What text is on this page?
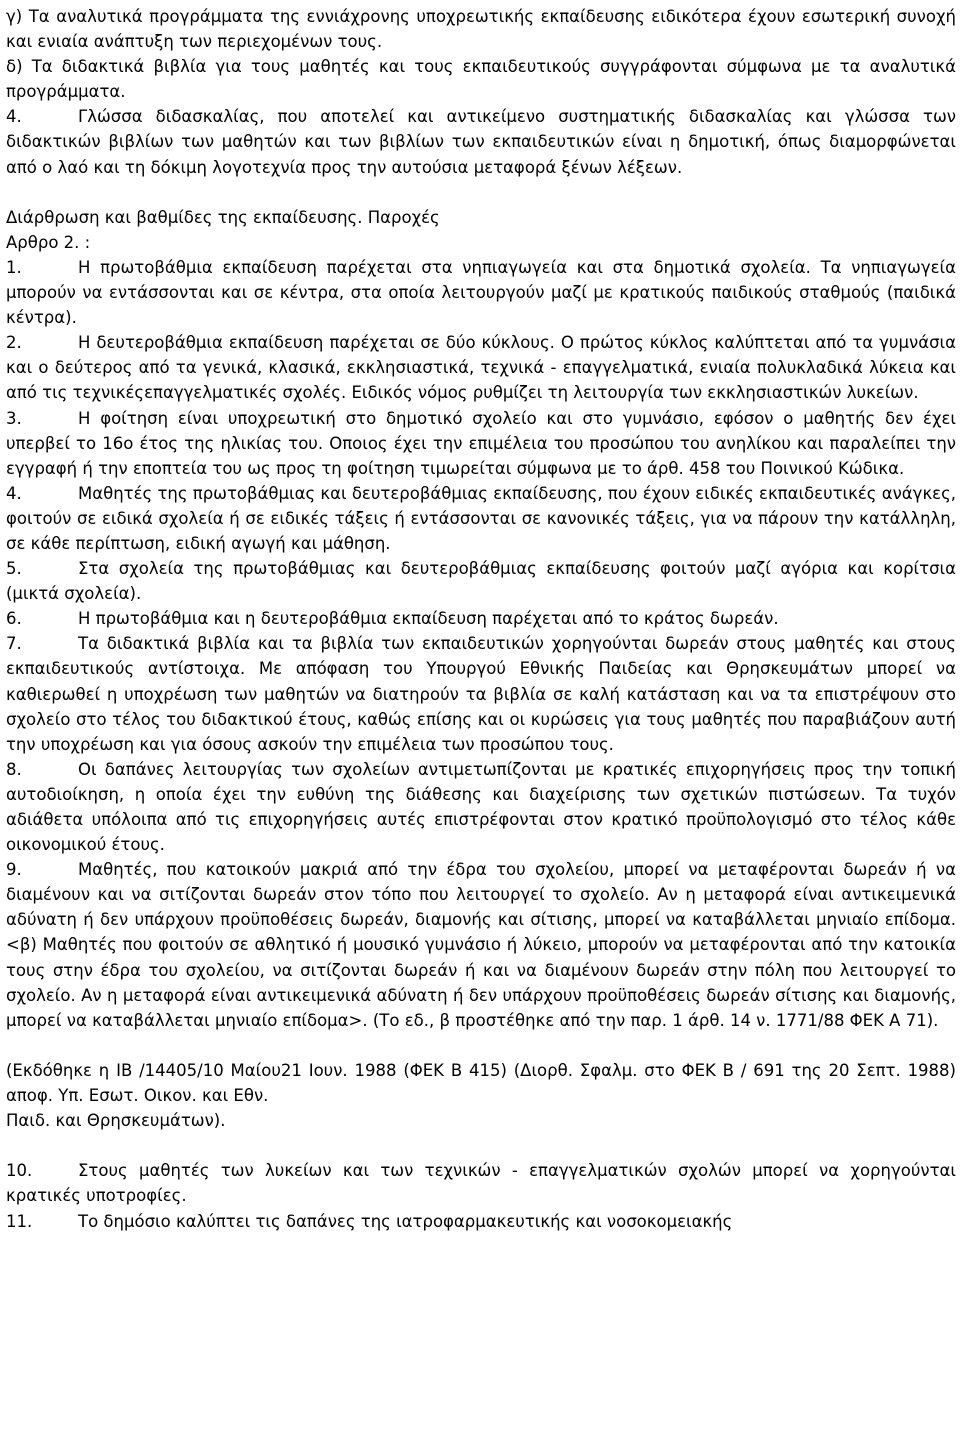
γ) Τα αναλυτικά προγράμματα της εννιάχρονης υποχρεωτικής εκπαίδευσης ειδικότερα έχουν εσωτερική συνοχή και ενιαία ανάπτυξη των περιεχομένων τους.

δ) Τα διδακτικά βιβλία για τους μαθητές και τους εκπαιδευτικούς συγγράφονται σύμφωνα με τα αναλυτικά προγράμματα.

4.	Γλώσσα διδασκαλίας, που αποτελεί και αντικείμενο συστηματικής διδασκαλίας και γλώσσα των διδακτικών βιβλίων των μαθητών και των βιβλίων των εκπαιδευτικών είναι η δημοτική, όπως διαμορφώνεται από ο λαό και τη δόκιμη λογοτεχνία προς την αυτούσια μεταφορά ξένων λέξεων.

Διάρθρωση και βαθμίδες της εκπαίδευσης. Παροχές

Αρθρο 2. :

1.	Η πρωτοβάθμια εκπαίδευση παρέχεται στα νηπιαγωγεία και στα δημοτικά σχολεία. Τα νηπιαγωγεία μπορούν να εντάσσονται και σε κέντρα, στα οποία λειτουργούν μαζί με κρατικούς παιδικούς σταθμούς (παιδικά κέντρα).

2.	Η δευτεροβάθμια εκπαίδευση παρέχεται σε δύο κύκλους. Ο πρώτος κύκλος καλύπτεται από τα γυμνάσια και ο δεύτερος από τα γενικά, κλασικά, εκκλησιαστικά, τεχνικά - επαγγελματικά, ενιαία πολυκλαδικά λύκεια και από τις τεχνικέςεπαγγελματικές σχολές. Ειδικός νόμος ρυθμίζει τη λειτουργία των εκκλησιαστικών λυκείων.

3.	Η φοίτηση είναι υποχρεωτική στο δημοτικό σχολείο και στο γυμνάσιο, εφόσον ο μαθητής δεν έχει υπερβεί το 16ο έτος της ηλικίας του. Οποιος έχει την επιμέλεια του προσώπου του ανηλίκου και παραλείπει την εγγραφή ή την εποπτεία του ως προς τη φοίτηση τιμωρείται σύμφωνα με το άρθ. 458 του Ποινικού Κώδικα.

4.	Μαθητές της πρωτοβάθμιας και δευτεροβάθμιας εκπαίδευσης, που έχουν ειδικές εκπαιδευτικές ανάγκες, φοιτούν σε ειδικά σχολεία ή σε ειδικές τάξεις ή εντάσσονται σε κανονικές τάξεις, για να πάρουν την κατάλληλη, σε κάθε περίπτωση, ειδική αγωγή και μάθηση.

5.	Στα σχολεία της πρωτοβάθμιας και δευτεροβάθμιας εκπαίδευσης φοιτούν μαζί αγόρια και κορίτσια (μικτά σχολεία).

6.	Η πρωτοβάθμια και η δευτεροβάθμια εκπαίδευση παρέχεται από το κράτος δωρεάν.

7.	Τα διδακτικά βιβλία και τα βιβλία των εκπαιδευτικών χορηγούνται δωρεάν στους μαθητές και στους εκπαιδευτικούς αντίστοιχα. Με απόφαση του Υπουργού Εθνικής Παιδείας και Θρησκευμάτων μπορεί να καθιερωθεί η υποχρέωση των μαθητών να διατηρούν τα βιβλία σε καλή κατάσταση και να τα επιστρέψουν στο σχολείο στο τέλος του διδακτικού έτους, καθώς επίσης και οι κυρώσεις για τους μαθητές που παραβιάζουν αυτή την υποχρέωση και για όσους ασκούν την επιμέλεια των προσώπου τους.

8.	Οι δαπάνες λειτουργίας των σχολείων αντιμετωπίζονται με κρατικές επιχορηγήσεις προς την τοπική αυτοδιοίκηση, η οποία έχει την ευθύνη της διάθεσης και διαχείρισης των σχετικών πιστώσεων. Τα τυχόν αδιάθετα υπόλοιπα από τις επιχορηγήσεις αυτές επιστρέφονται στον κρατικό προϋπολογισμό στο τέλος κάθε οικονομικού έτους.

9.	Μαθητές, που κατοικούν μακριά από την έδρα του σχολείου, μπορεί να μεταφέρονται δωρεάν ή να διαμένουν και να σιτίζονται δωρεάν στον τόπο που λειτουργεί το σχολείο. Αν η μεταφορά είναι αντικειμενικά αδύνατη ή δεν υπάρχουν προϋποθέσεις δωρεάν, διαμονής και σίτισης, μπορεί να καταβάλλεται μηνιαίο επίδομα. <β) Μαθητές που φοιτούν σε αθλητικό ή μουσικό γυμνάσιο ή λύκειο, μπορούν να μεταφέρονται από την κατοικία τους στην έδρα του σχολείου, να σιτίζονται δωρεάν ή και να διαμένουν δωρεάν στην πόλη που λειτουργεί το σχολείο. Αν η μεταφορά είναι αντικειμενικά αδύνατη ή δεν υπάρχουν προϋποθέσεις δωρεάν σίτισης και διαμονής, μπορεί να καταβάλλεται μηνιαίο επίδομα>. (Το εδ., β προστέθηκε από την παρ. 1 άρθ. 14 ν. 1771/88 ΦΕΚ Α 71).

(Εκδόθηκε η ΙΒ /14405/10 Μαίου21 Ιουν. 1988 (ΦΕΚ Β 415) (Διορθ. Σφαλμ. στο ΦΕΚ Β / 691 της 20 Σεπτ. 1988) αποφ. Υπ. Εσωτ. Οικον. και Εθν.

Παιδ. και Θρησκευμάτων).

10.	Στους μαθητές των λυκείων και των τεχνικών - επαγγελματικών σχολών μπορεί να χορηγούνται κρατικές υποτροφίες.

11.	Το δημόσιο καλύπτει τις δαπάνες της ιατροφαρμακευτικής και νοσοκομειακής
